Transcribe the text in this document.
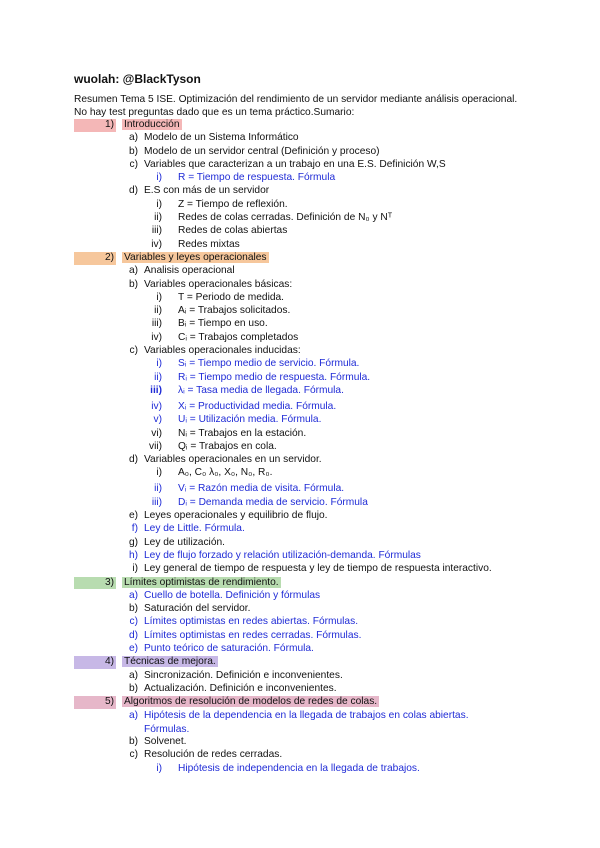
wuolah: @BlackTyson
Resumen Tema 5 ISE. Optimización del rendimiento de un servidor mediante análisis operacional.
No hay test preguntas dado que es un tema práctico.Sumario:
1) Introducción
a) Modelo de un Sistema Informático
b) Modelo de un servidor central (Definición y proceso)
c) Variables que caracterizan a un trabajo en una E.S. Definición W,S
i) R = Tiempo de respuesta. Fórmula
d) E.S con más de un servidor
i) Z = Tiempo de reflexión.
ii) Redes de colas cerradas. Definición de N₀ y Nᵀ
iii) Redes de colas abiertas
iv) Redes mixtas
2) Variables y leyes operacionales
a) Analisis operacional
b) Variables operacionales básicas:
i) T = Periodo de medida.
ii) Aᵢ = Trabajos solicitados.
iii) Bᵢ = Tiempo en uso.
iv) Cᵢ = Trabajos completados
c) Variables operacionales inducidas:
i) Sᵢ = Tiempo medio de servicio. Fórmula.
ii) Rᵢ = Tiempo medio de respuesta. Fórmula.
iii) λᵢ = Tasa media de llegada. Fórmula.
iv) Xᵢ = Productividad media. Fórmula.
v) Uᵢ = Utilización media. Fórmula.
vi) Nᵢ = Trabajos en la estación.
vii) Qᵢ = Trabajos en cola.
d) Variables operacionales en un servidor.
i) A₀, C₀ λ₀, X₀, N₀, R₀.
ii) Vᵢ = Razón media de visita. Fórmula.
iii) Dᵢ = Demanda media de servicio. Fórmula
e) Leyes operacionales y equilibrio de flujo.
f) Ley de Little. Fórmula.
g) Ley de utilización.
h) Ley de flujo forzado y relación utilización-demanda. Fórmulas
i) Ley general de tiempo de respuesta y ley de tiempo de respuesta interactivo.
3) Límites optimistas de rendimiento.
a) Cuello de botella. Definición y fórmulas
b) Saturación del servidor.
c) Límites optimistas en redes abiertas. Fórmulas.
d) Límites optimistas en redes cerradas. Fórmulas.
e) Punto teórico de saturación. Fórmula.
4) Técnicas de mejora.
a) Sincronización. Definición e inconvenientes.
b) Actualización. Definición e inconvenientes.
5) Algoritmos de resolución de modelos de redes de colas.
a) Hipótesis de la dependencia en la llegada de trabajos en colas abiertas. Fórmulas.
b) Solvenet.
c) Resolución de redes cerradas.
i) Hipótesis de independencia en la llegada de trabajos.
